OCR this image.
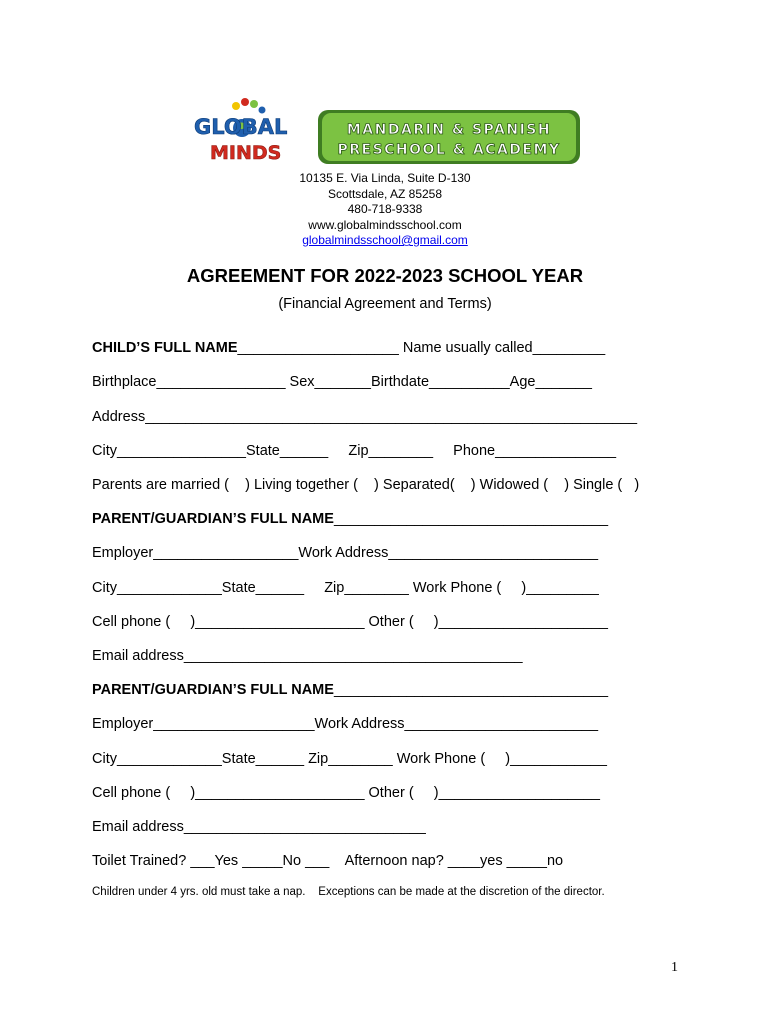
GLOBAL
MINDS
MANDARIN & SPANISH
PRESCHOOL & ACADEMY
10135 E. Via Linda, Suite D-130
Scottsdale, AZ 85258
480-718-9338
www.globalmindsschool.com
globalmindsschool@gmail.com
AGREEMENT FOR 2022-2023 SCHOOL YEAR
(Financial Agreement and Terms)
CHILD’S FULL NAME____________________ Name usually called_________
Birthplace________________ Sex_______Birthdate__________Age_______
Address_____________________________________________________________
City________________State______     Zip________     Phone_______________
Parents are married (    ) Living together (    ) Separated(    ) Widowed (    ) Single (   )
PARENT/GUARDIAN’S FULL NAME__________________________________
Employer__________________Work Address__________________________
City_____________State______     Zip________ Work Phone (     )_________
Cell phone (     )_____________________ Other (     )_____________________
Email address__________________________________________
PARENT/GUARDIAN’S FULL NAME__________________________________
Employer____________________Work Address________________________
City_____________State______ Zip________ Work Phone (     )____________
Cell phone (     )_____________________ Other (     )____________________
Email address______________________________
Toilet Trained? ___Yes _____No ___    Afternoon nap? ____yes _____no
Children under 4 yrs. old must take a nap.    Exceptions can be made at the discretion of the director.
1
